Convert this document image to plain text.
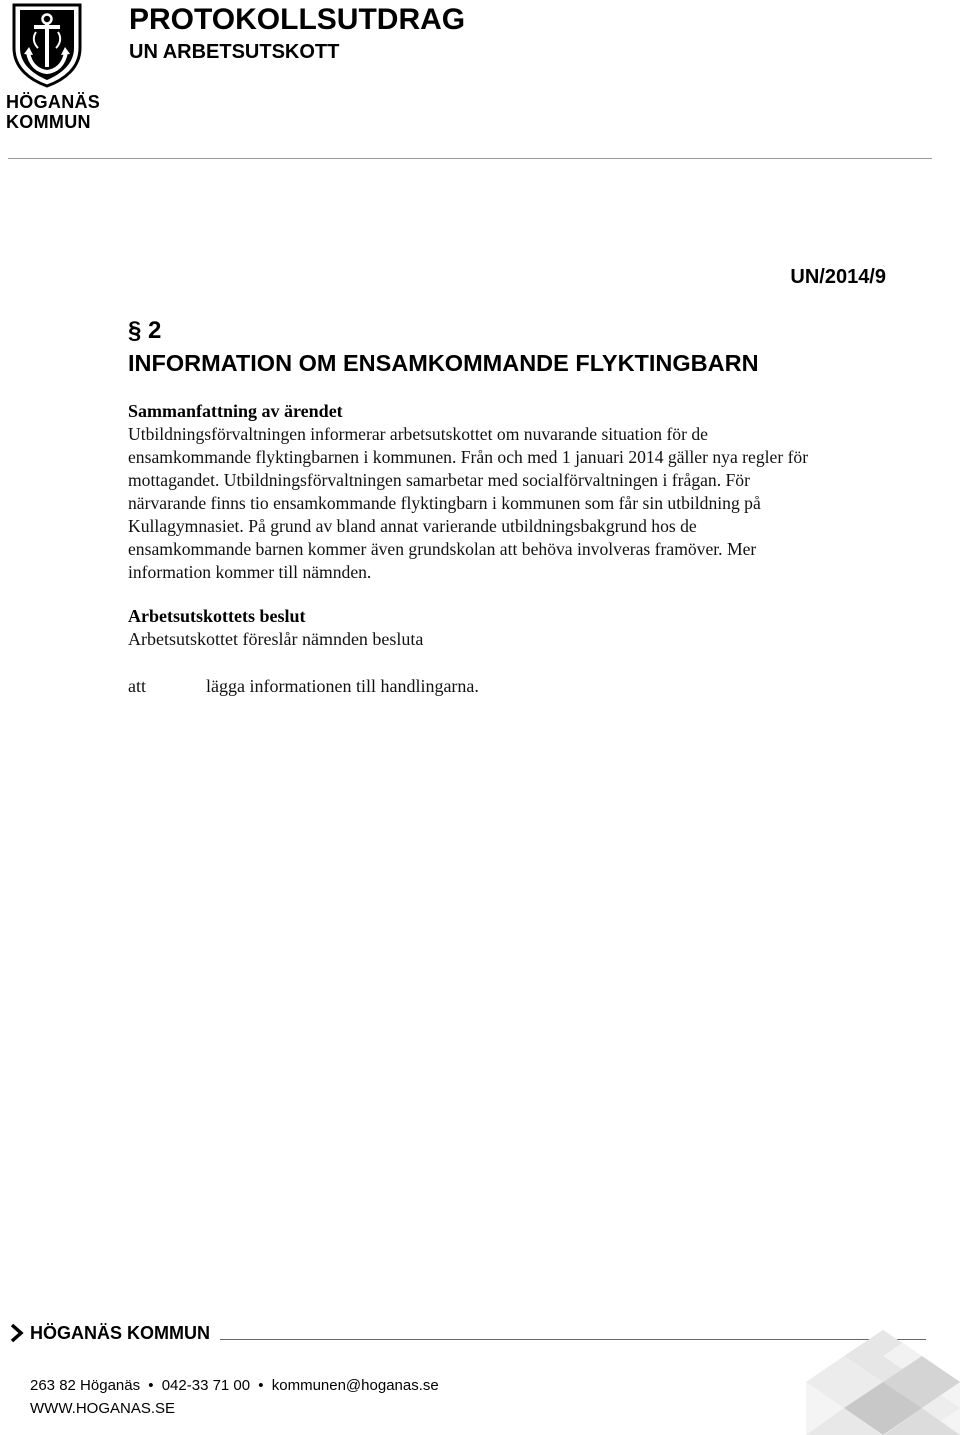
HÖGANÄS
KOMMUN
PROTOKOLLSUTDRAG
UN ARBETSUTSKOTT
UN/2014/9
§ 2
INFORMATION OM ENSAMKOMMANDE FLYKTINGBARN
Sammanfattning av ärendet
Utbildningsförvaltningen informerar arbetsutskottet om nuvarande situation för de
ensamkommande flyktingbarnen i kommunen. Från och med 1 januari 2014 gäller nya regler för
mottagandet. Utbildningsförvaltningen samarbetar med socialförvaltningen i frågan. För
närvarande finns tio ensamkommande flyktingbarn i kommunen som får sin utbildning på
Kullagymnasiet. På grund av bland annat varierande utbildningsbakgrund hos de
ensamkommande barnen kommer även grundskolan att behöva involveras framöver. Mer
information kommer till nämnden.
Arbetsutskottets beslut
Arbetsutskottet föreslår nämnden besluta
att	lägga informationen till handlingarna.
HÖGANÄS KOMMUN
263 82 Höganäs • 042-33 71 00 • kommunen@hoganas.se
WWW.HOGANAS.SE
